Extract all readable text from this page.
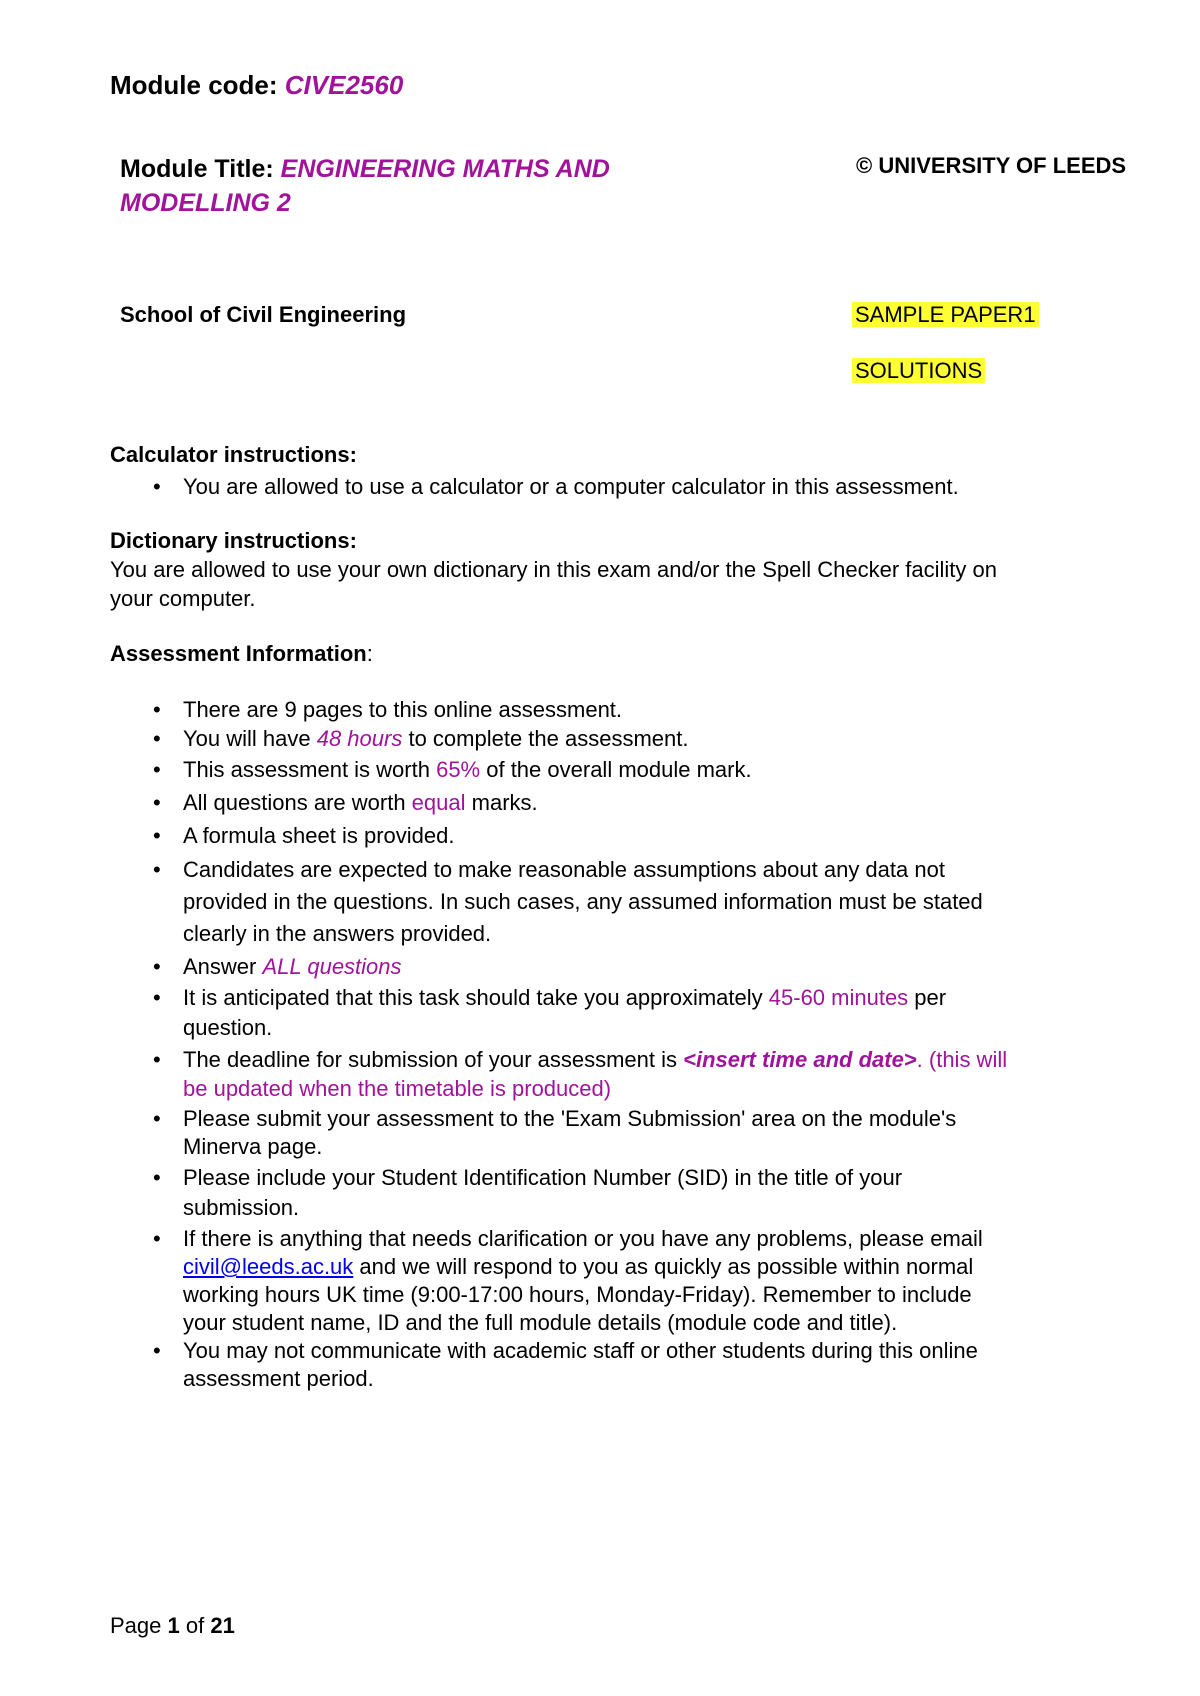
Module code: CIVE2560
Module Title: ENGINEERING MATHS AND
MODELLING 2
© UNIVERSITY OF LEEDS
School of Civil Engineering	SAMPLE PAPER1
SOLUTIONS
Calculator instructions:
• You are allowed to use a calculator or a computer calculator in this assessment.
Dictionary instructions:
You are allowed to use your own dictionary in this exam and/or the Spell Checker facility on
your computer.
Assessment Information:
• There are 9 pages to this online assessment.
• You will have 48 hours to complete the assessment.
• This assessment is worth 65% of the overall module mark.
• All questions are worth equal marks.
• A formula sheet is provided.
• Candidates are expected to make reasonable assumptions about any data not
provided in the questions. In such cases, any assumed information must be stated
clearly in the answers provided.
• Answer ALL questions
• It is anticipated that this task should take you approximately 45-60 minutes per
question.
• The deadline for submission of your assessment is <insert time and date>. (this will
be updated when the timetable is produced)
• Please submit your assessment to the 'Exam Submission' area on the module's
Minerva page.
• Please include your Student Identification Number (SID) in the title of your
submission.
• If there is anything that needs clarification or you have any problems, please email
civil@leeds.ac.uk and we will respond to you as quickly as possible within normal
working hours UK time (9:00-17:00 hours, Monday-Friday). Remember to include
your student name, ID and the full module details (module code and title).
• You may not communicate with academic staff or other students during this online
assessment period.
Page 1 of 21
